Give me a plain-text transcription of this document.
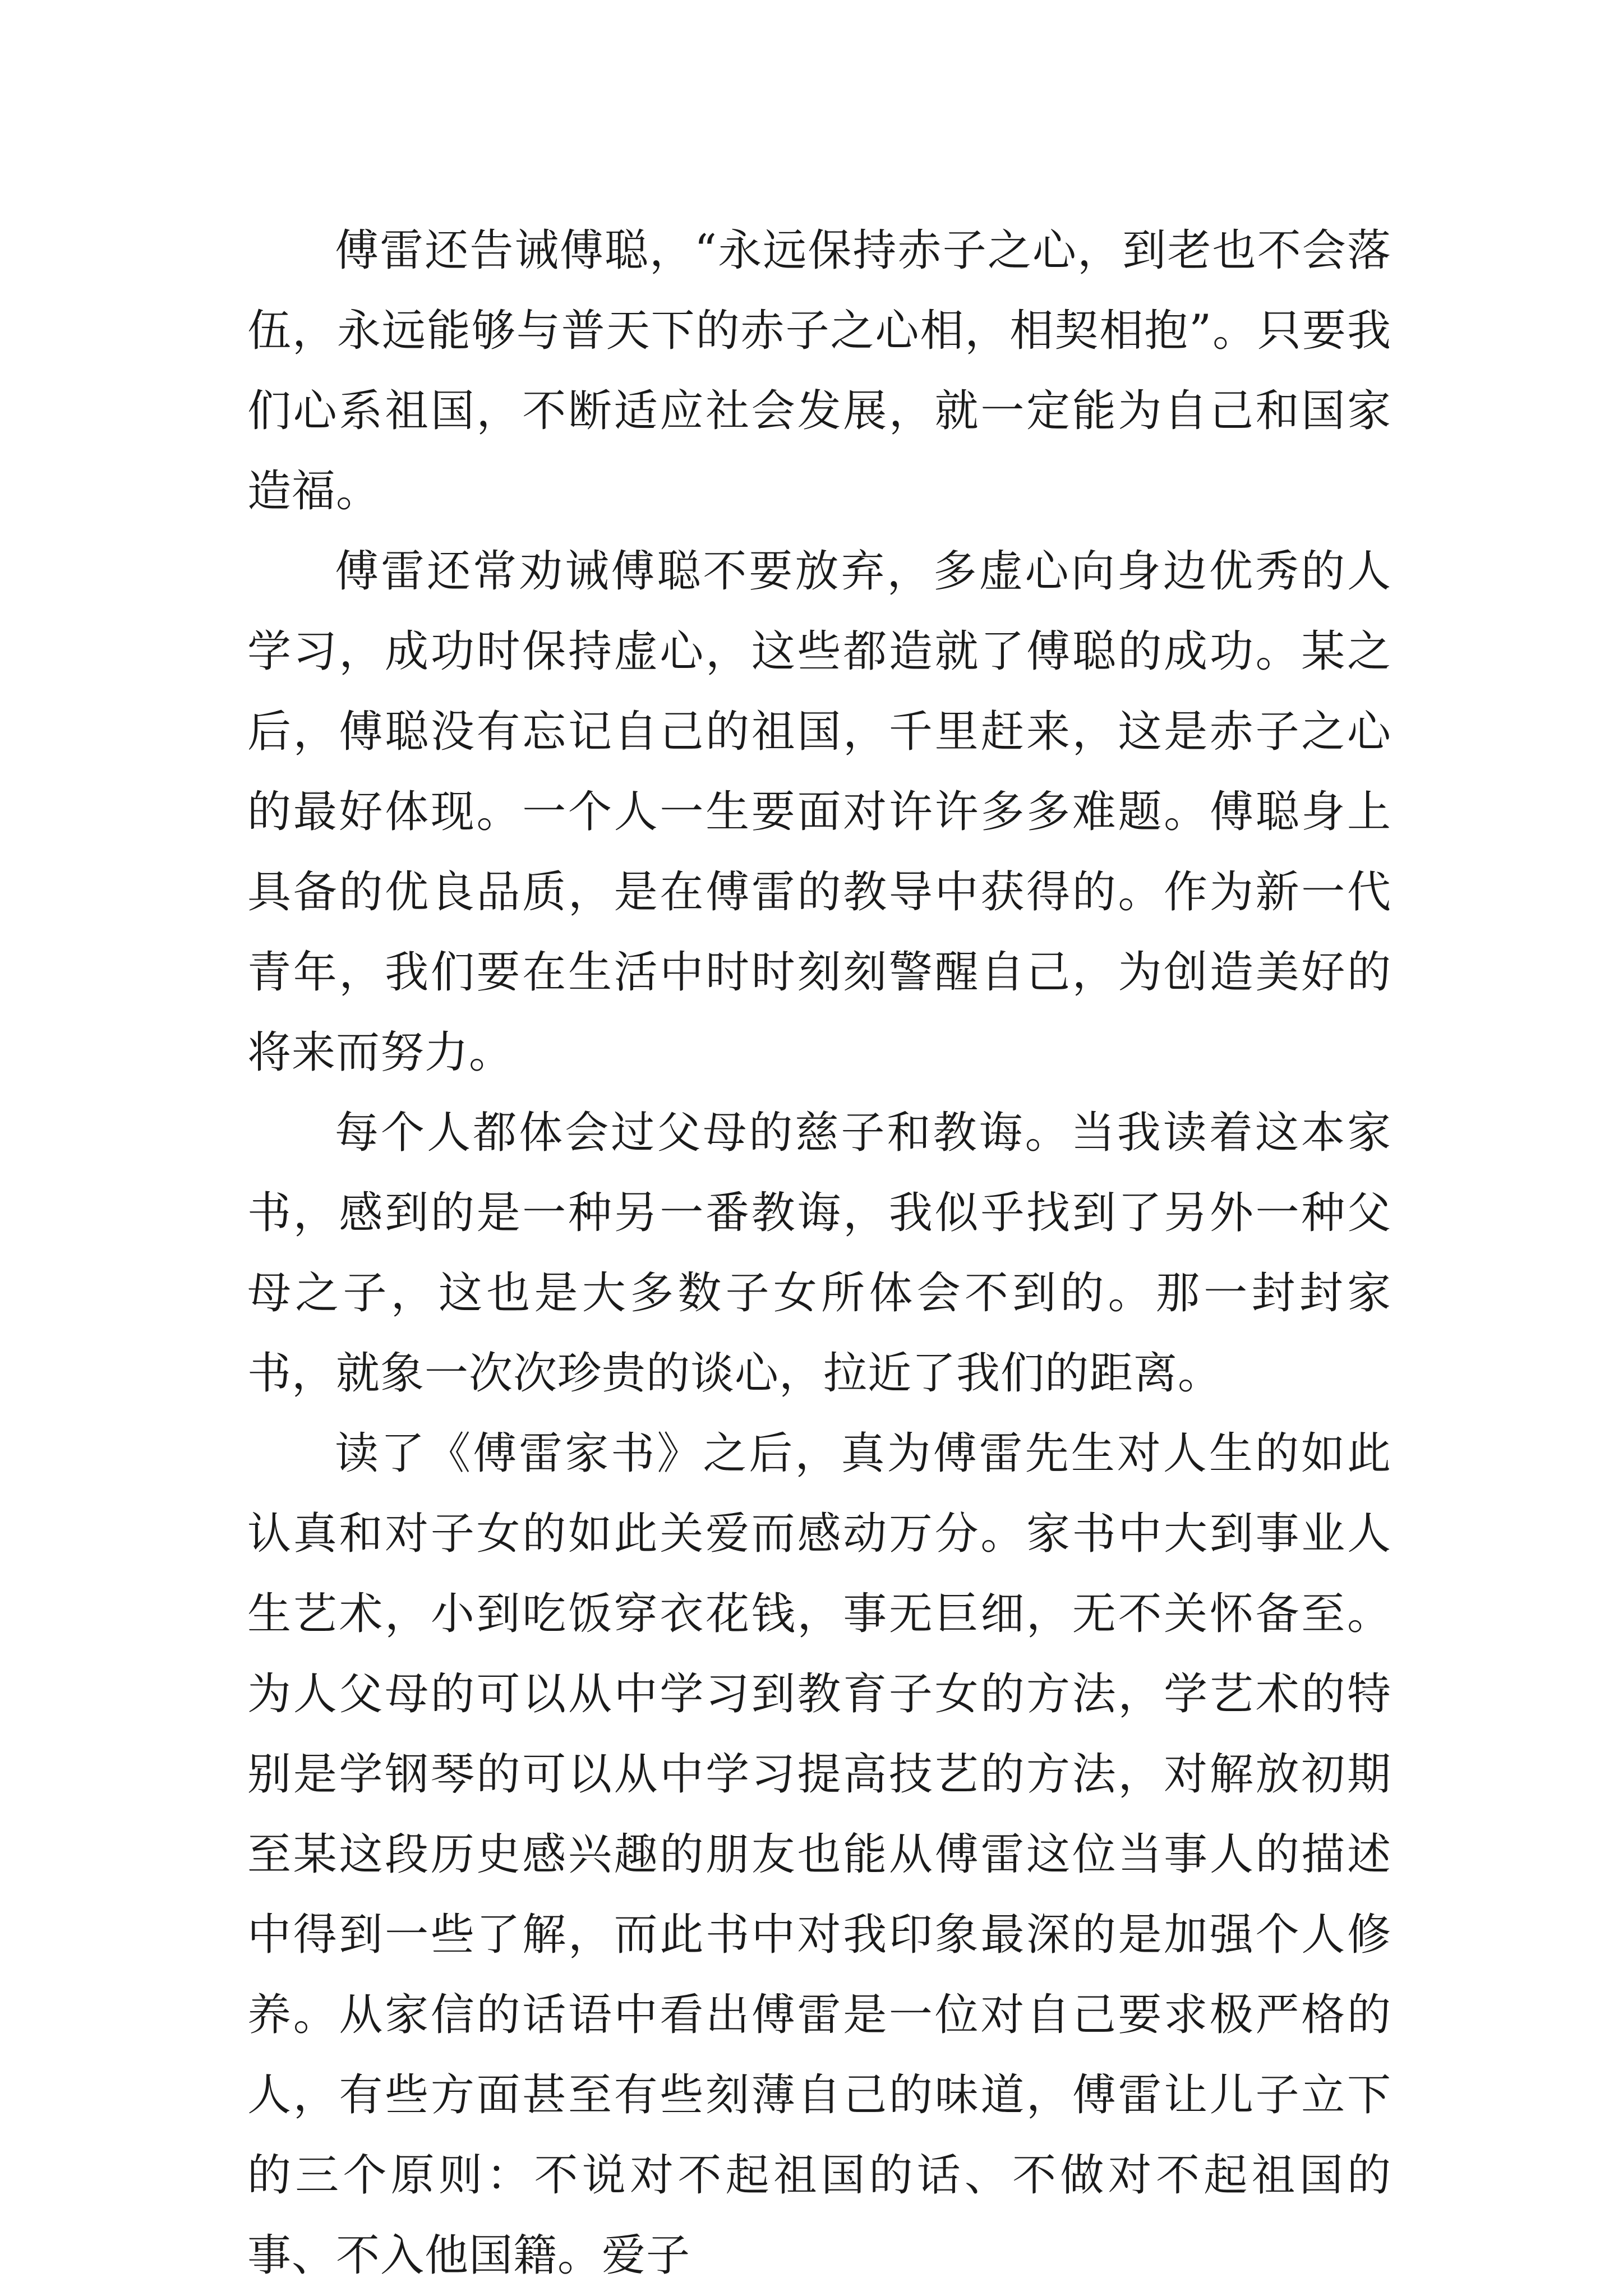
傅雷还告诫傅聪，“永远保持赤子之心，到老也不会落伍，永远能够与普天下的赤子之心相，相契相抱”。只要我们心系祖国，不断适应社会发展，就一定能为自己和国家造福。

傅雷还常劝诫傅聪不要放弃，多虚心向身边优秀的人学习，成功时保持虚心，这些都造就了傅聪的成功。某之后，傅聪没有忘记自己的祖国，千里赶来，这是赤子之心的最好体现。一个人一生要面对许许多多难题。傅聪身上具备的优良品质，是在傅雷的教导中获得的。作为新一代青年，我们要在生活中时时刻刻警醒自己，为创造美好的将来而努力。

每个人都体会过父母的慈子和教诲。当我读着这本家书，感到的是一种另一番教诲，我似乎找到了另外一种父母之子，这也是大多数子女所体会不到的。那一封封家书，就象一次次珍贵的谈心，拉近了我们的距离。

读了《傅雷家书》之后，真为傅雷先生对人生的如此认真和对子女的如此关爱而感动万分。家书中大到事业人生艺术，小到吃饭穿衣花钱，事无巨细，无不关怀备至。为人父母的可以从中学习到教育子女的方法，学艺术的特别是学钢琴的可以从中学习提高技艺的方法，对解放初期至某这段历史感兴趣的朋友也能从傅雷这位当事人的描述中得到一些了解，而此书中对我印象最深的是加强个人修养。从家信的话语中看出傅雷是一位对自己要求极严格的人，有些方面甚至有些刻薄自己的味道，傅雷让儿子立下的三个原则：不说对不起祖国的话、不做对不起祖国的事、不入他国籍。爱子
